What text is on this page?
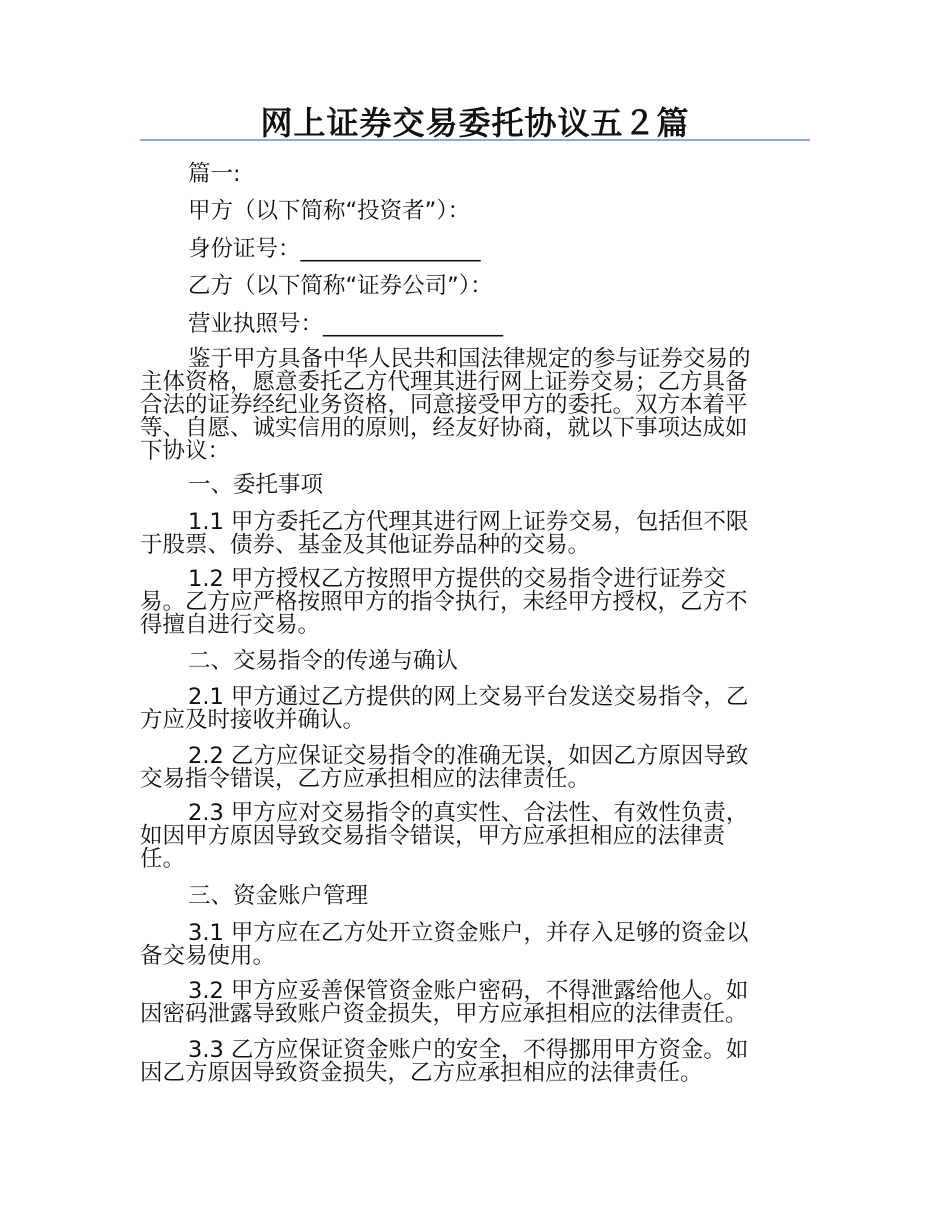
网上证券交易委托协议五２篇
篇一:
甲方（以下简称“投资者”）：
身份证号：________________
乙方（以下简称“证券公司”）：
营业执照号：________________
鉴于甲方具备中华人民共和国法律规定的参与证券交易的
主体资格，愿意委托乙方代理其进行网上证券交易；乙方具备
合法的证券经纪业务资格，同意接受甲方的委托。双方本着平
等、自愿、诚实信用的原则，经友好协商，就以下事项达成如
下协议：
一、委托事项
1.1 甲方委托乙方代理其进行网上证券交易，包括但不限
于股票、债券、基金及其他证券品种的交易。
1.2 甲方授权乙方按照甲方提供的交易指令进行证券交
易。乙方应严格按照甲方的指令执行，未经甲方授权，乙方不
得擅自进行交易。
二、交易指令的传递与确认
2.1 甲方通过乙方提供的网上交易平台发送交易指令，乙
方应及时接收并确认。
2.2 乙方应保证交易指令的准确无误，如因乙方原因导致
交易指令错误，乙方应承担相应的法律责任。
2.3 甲方应对交易指令的真实性、合法性、有效性负责，
如因甲方原因导致交易指令错误，甲方应承担相应的法律责
任。
三、资金账户管理
3.1 甲方应在乙方处开立资金账户，并存入足够的资金以
备交易使用。
3.2 甲方应妥善保管资金账户密码，不得泄露给他人。如
因密码泄露导致账户资金损失，甲方应承担相应的法律责任。
3.3 乙方应保证资金账户的安全，不得挪用甲方资金。如
因乙方原因导致资金损失，乙方应承担相应的法律责任。
